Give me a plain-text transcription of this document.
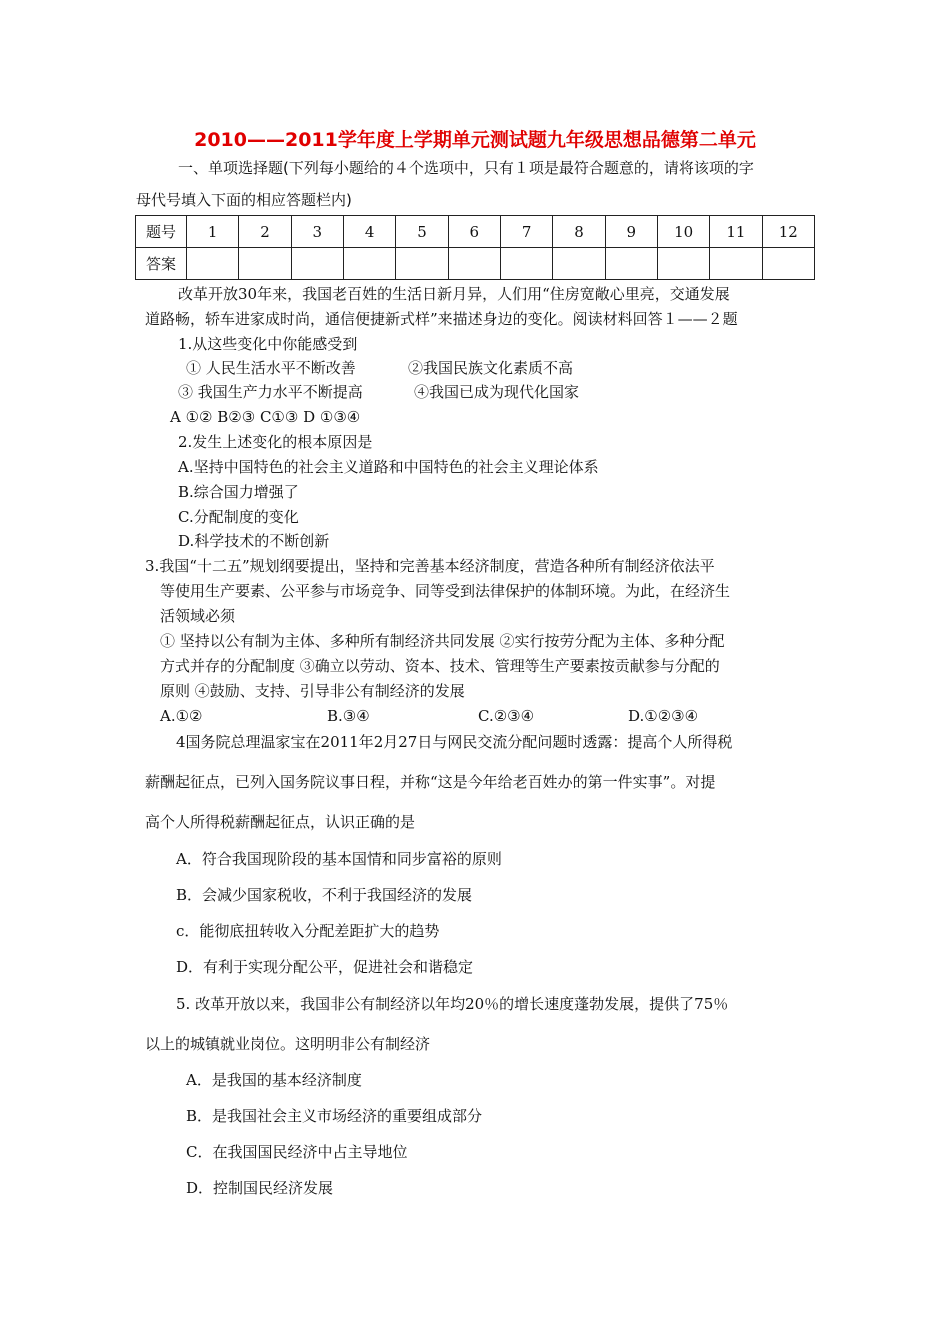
2010——2011学年度上学期单元测试题九年级思想品德第二单元
一、单项选择题(下列每小题给的４个选项中，只有１项是最符合题意的，请将该项的字
母代号填入下面的相应答题栏内)
题号	1	2	3	4	5	6	7	8	9	10	11	12
答案												
改革开放30年来，我国老百姓的生活日新月异，人们用“住房宽敞心里亮，交通发展
道路畅，轿车进家成时尚，通信便捷新式样”来描述身边的变化。阅读材料回答１——２题
1.从这些变化中你能感受到
① 人民生活水平不断改善	②我国民族文化素质不高
③ 我国生产力水平不断提高	④我国已成为现代化国家
A ①② B②③ C①③ D ①③④
2.发生上述变化的根本原因是
A.坚持中国特色的社会主义道路和中国特色的社会主义理论体系
B.综合国力增强了
C.分配制度的变化
D.科学技术的不断创新
3.我国“十二五”规划纲要提出，坚持和完善基本经济制度，营造各种所有制经济依法平
等使用生产要素、公平参与市场竞争、同等受到法律保护的体制环境。为此，在经济生
活领域必须
① 坚持以公有制为主体、多种所有制经济共同发展 ②实行按劳分配为主体、多种分配
方式并存的分配制度 ③确立以劳动、资本、技术、管理等生产要素按贡献参与分配的
原则 ④鼓励、支持、引导非公有制经济的发展
A.①②	B.③④	C.②③④	D.①②③④
4国务院总理温家宝在2011年2月27日与网民交流分配问题时透露：提高个人所得税
薪酬起征点，已列入国务院议事日程，并称“这是今年给老百姓办的第一件实事”。对提
高个人所得税薪酬起征点，认识正确的是
A．符合我国现阶段的基本国情和同步富裕的原则
B．会减少国家税收，不利于我国经济的发展
c．能彻底扭转收入分配差距扩大的趋势
D．有利于实现分配公平，促进社会和谐稳定
5. 改革开放以来，我国非公有制经济以年均20％的增长速度蓬勃发展，提供了75％
以上的城镇就业岗位。这明明非公有制经济
A．是我国的基本经济制度
B．是我国社会主义市场经济的重要组成部分
C．在我国国民经济中占主导地位
D．控制国民经济发展
